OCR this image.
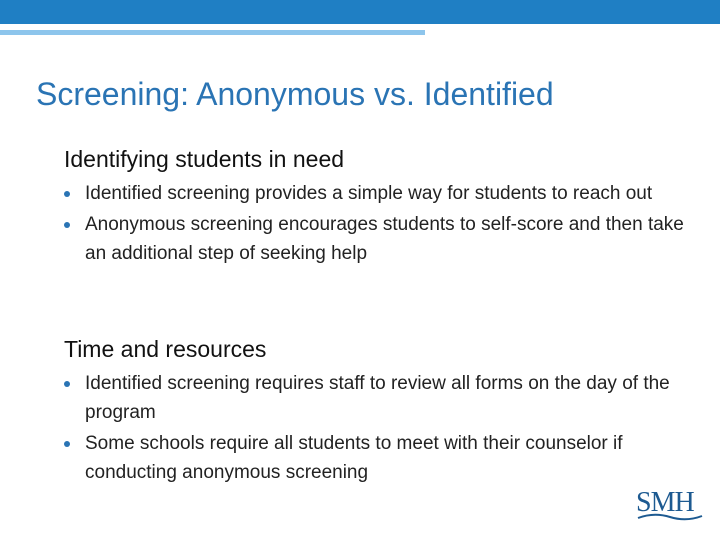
Screening: Anonymous vs. Identified
Identifying students in need
Identified screening provides a simple way for students to reach out
Anonymous screening encourages students to self-score and then take an additional step of seeking help
Time and resources
Identified screening requires staff to review all forms on the day of the program
Some schools require all students to meet with their counselor if conducting anonymous screening
SMH
